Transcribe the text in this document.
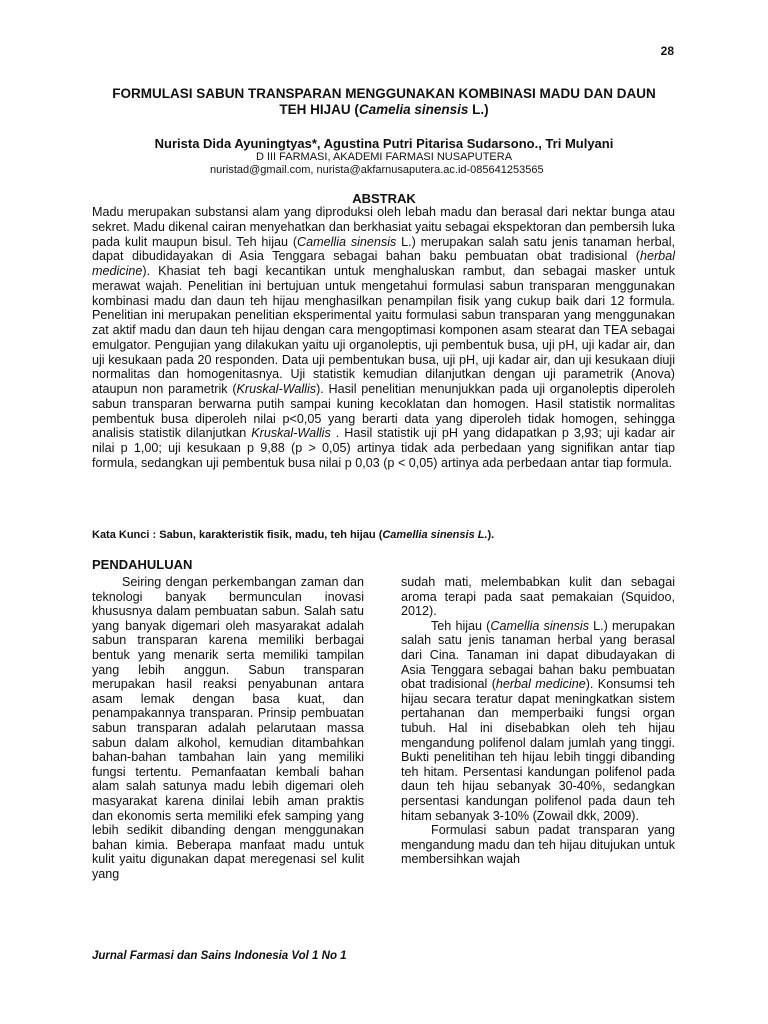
28
FORMULASI SABUN TRANSPARAN MENGGUNAKAN KOMBINASI MADU DAN DAUN
TEH HIJAU (Camelia sinensis L.)
Nurista Dida Ayuningtyas*, Agustina Putri Pitarisa Sudarsono., Tri Mulyani
D III FARMASI, AKADEMI FARMASI NUSAPUTERA
nuristad@gmail.com, nurista@akfarnusaputera.ac.id-085641253565
ABSTRAK
Madu merupakan substansi alam yang diproduksi oleh lebah madu dan berasal dari nektar bunga atau sekret. Madu dikenal cairan menyehatkan dan berkhasiat yaitu sebagai ekspektoran dan pembersih luka pada kulit maupun bisul. Teh hijau (Camellia sinensis L.) merupakan salah satu jenis tanaman herbal, dapat dibudidayakan di Asia Tenggara sebagai bahan baku pembuatan obat tradisional (herbal medicine). Khasiat teh bagi kecantikan untuk menghaluskan rambut, dan sebagai masker untuk merawat wajah. Penelitian ini bertujuan untuk mengetahui formulasi sabun transparan menggunakan kombinasi madu dan daun teh hijau menghasilkan penampilan fisik yang cukup baik dari 12 formula. Penelitian ini merupakan penelitian eksperimental yaitu formulasi sabun transparan yang menggunakan zat aktif madu dan daun teh hijau dengan cara mengoptimasi komponen asam stearat dan TEA sebagai emulgator. Pengujian yang dilakukan yaitu uji organoleptis, uji pembentuk busa, uji pH, uji kadar air, dan uji kesukaan pada 20 responden. Data uji pembentukan busa, uji pH, uji kadar air, dan uji kesukaan diuji normalitas dan homogenitasnya. Uji statistik kemudian dilanjutkan dengan uji parametrik (Anova) ataupun non parametrik (Kruskal-Wallis). Hasil penelitian menunjukkan pada uji organoleptis diperoleh sabun transparan berwarna putih sampai kuning kecoklatan dan homogen. Hasil statistik normalitas pembentuk busa diperoleh nilai p<0,05 yang berarti data yang diperoleh tidak homogen, sehingga analisis statistik dilanjutkan Kruskal-Wallis . Hasil statistik uji pH yang didapatkan p 3,93; uji kadar air nilai p 1,00; uji kesukaan p 9,88 (p > 0,05) artinya tidak ada perbedaan yang signifikan antar tiap formula, sedangkan uji pembentuk busa nilai p 0,03 (p < 0,05) artinya ada perbedaan antar tiap formula.
Kata Kunci : Sabun, karakteristik fisik, madu, teh hijau (Camellia sinensis L.).
PENDAHULUAN

Seiring dengan perkembangan zaman dan teknologi banyak bermunculan inovasi khususnya dalam pembuatan sabun. Salah satu yang banyak digemari oleh masyarakat adalah sabun transparan karena memiliki berbagai bentuk yang menarik serta memiliki tampilan yang lebih anggun. Sabun transparan merupakan hasil reaksi penyabunan antara asam lemak dengan basa kuat, dan penampakannya transparan. Prinsip pembuatan sabun transparan adalah pelarutaan massa sabun dalam alkohol, kemudian ditambahkan bahan-bahan tambahan lain yang memiliki fungsi tertentu. Pemanfaatan kembali bahan alam salah satunya madu lebih digemari oleh masyarakat karena dinilai lebih aman praktis dan ekonomis serta memiliki efek samping yang lebih sedikit dibanding dengan menggunakan bahan kimia. Beberapa manfaat madu untuk kulit yaitu digunakan dapat meregenasi sel kulit yang

sudah mati, melembabkan kulit dan sebagai aroma terapi pada saat pemakaian (Squidoo, 2012).

Teh hijau (Camellia sinensis L.) merupakan salah satu jenis tanaman herbal yang berasal dari Cina. Tanaman ini dapat dibudayakan di Asia Tenggara sebagai bahan baku pembuatan obat tradisional (herbal medicine). Konsumsi teh hijau secara teratur dapat meningkatkan sistem pertahanan dan memperbaiki fungsi organ tubuh. Hal ini disebabkan oleh teh hijau mengandung polifenol dalam jumlah yang tinggi. Bukti penelitihan teh hijau lebih tinggi dibanding teh hitam. Persentasi kandungan polifenol pada daun teh hijau sebanyak 30-40%, sedangkan persentasi kandungan polifenol pada daun teh hitam sebanyak 3-10% (Zowail dkk, 2009).

Formulasi sabun padat transparan yang mengandung madu dan teh hijau ditujukan untuk membersihkan wajah

Jurnal Farmasi dan Sains Indonesia Vol 1 No 1
